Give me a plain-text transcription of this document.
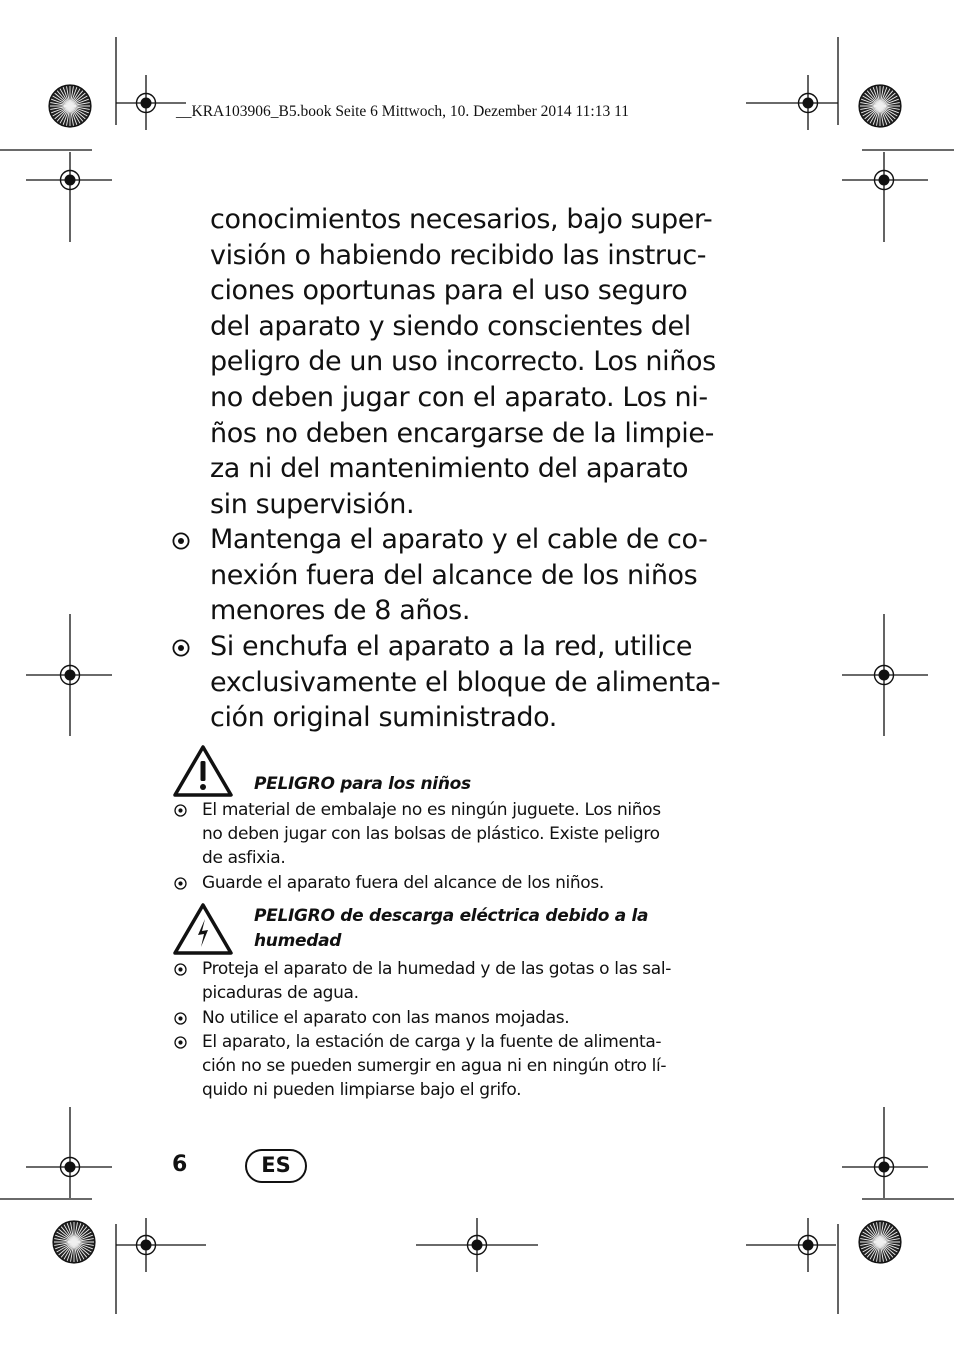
__KRA103906_B5.book Seite 6 Mittwoch, 10. Dezember 2014 11:13 11
conocimientos necesarios, bajo super-
visión o habiendo recibido las instruc-
ciones oportunas para el uso seguro
del aparato y siendo conscientes del
peligro de un uso incorrecto. Los niños
no deben jugar con el aparato. Los ni-
ños no deben encargarse de la limpie-
za ni del mantenimiento del aparato
sin supervisión.
Mantenga el aparato y el cable de co-
nexión fuera del alcance de los niños
menores de 8 años.
Si enchufa el aparato a la red, utilice
exclusivamente el bloque de alimenta-
ción original suministrado.
PELIGRO para los niños
El material de embalaje no es ningún juguete. Los niños
no deben jugar con las bolsas de plástico. Existe peligro
de asfixia.
Guarde el aparato fuera del alcance de los niños.
PELIGRO de descarga eléctrica debido a la
humedad
Proteja el aparato de la humedad y de las gotas o las sal-
picaduras de agua.
No utilice el aparato con las manos mojadas.
El aparato, la estación de carga y la fuente de alimenta-
ción no se pueden sumergir en agua ni en ningún otro lí-
quido ni pueden limpiarse bajo el grifo.
6	ES
